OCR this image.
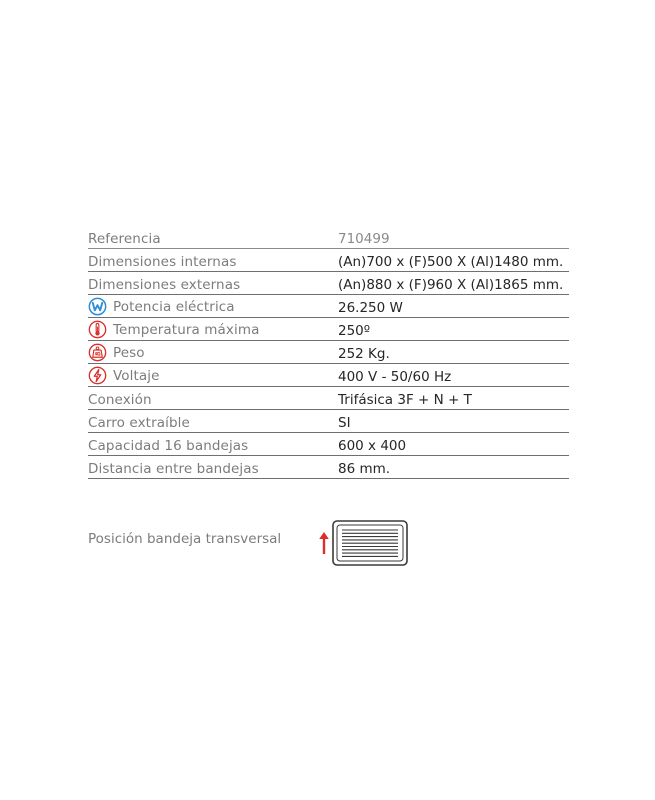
Referencia	710499
Dimensiones internas	(An)700 x (F)500 X (Al)1480 mm.
Dimensiones externas	(An)880 x (F)960 X (Al)1865 mm.
Potencia eléctrica	26.250 W
Temperatura máxima	250º
Peso	252 Kg.
Voltaje	400 V - 50/60 Hz
Conexión	Trifásica 3F + N + T
Carro extraíble	SI
Capacidad 16 bandejas	600 x 400
Distancia entre bandejas	86 mm.
Posición bandeja transversal
